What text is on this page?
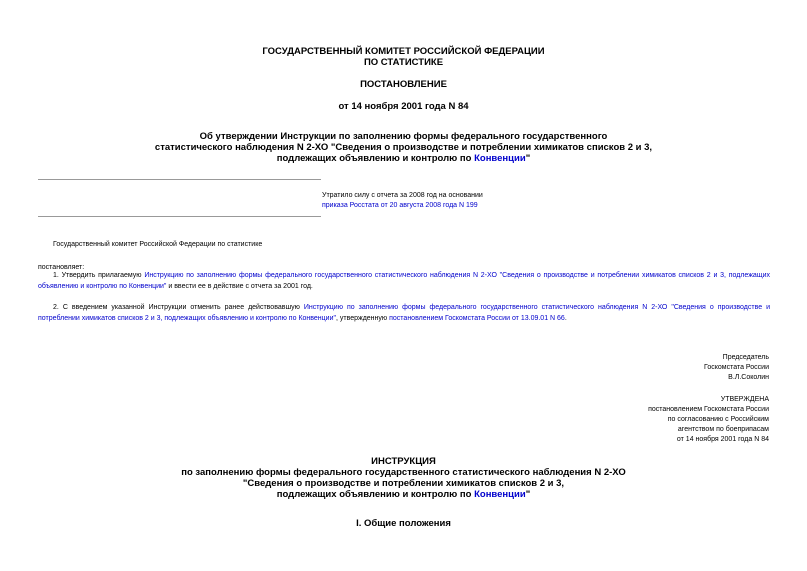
ГОСУДАРСТВЕННЫЙ КОМИТЕТ РОССИЙСКОЙ ФЕДЕРАЦИИ
ПО СТАТИСТИКЕ
ПОСТАНОВЛЕНИЕ
от 14 ноября 2001 года N 84
Об утверждении Инструкции по заполнению формы федерального государственного
статистического наблюдения N 2-ХО "Сведения о производстве и потреблении химикатов списков 2 и 3,
подлежащих объявлению и контролю по Конвенции"
Утратило силу с отчета за 2008 год на основании
приказа Росстата от 20 августа 2008 года N 199
Государственный комитет Российской Федерации по статистике
постановляет:
1. Утвердить прилагаемую Инструкцию по заполнению формы федерального государственного статистического наблюдения N 2-ХО "Сведения о производстве и потреблении химикатов списков 2 и 3, подлежащих объявлению и контролю по Конвенции" и ввести ее в действие с отчета за 2001 год.
2. С введением указанной Инструкции отменить ранее действовавшую Инструкцию по заполнению формы федерального государственного статистического наблюдения N 2-ХО "Сведения о производстве и потреблении химикатов списков 2 и 3, подлежащих объявлению и контролю по Конвенции", утвержденную постановлением Госкомстата России от 13.09.01 N 66.
Председатель
Госкомстата России
В.Л.Соколин
УТВЕРЖДЕНА
постановлением Госкомстата России
по согласованию с Российским
агентством по боеприпасам
от 14 ноября 2001 года N 84
ИНСТРУКЦИЯ
по заполнению формы федерального государственного статистического наблюдения N 2-ХО
"Сведения о производстве и потреблении химикатов списков 2 и 3,
подлежащих объявлению и контролю по Конвенции"
I. Общие положения
